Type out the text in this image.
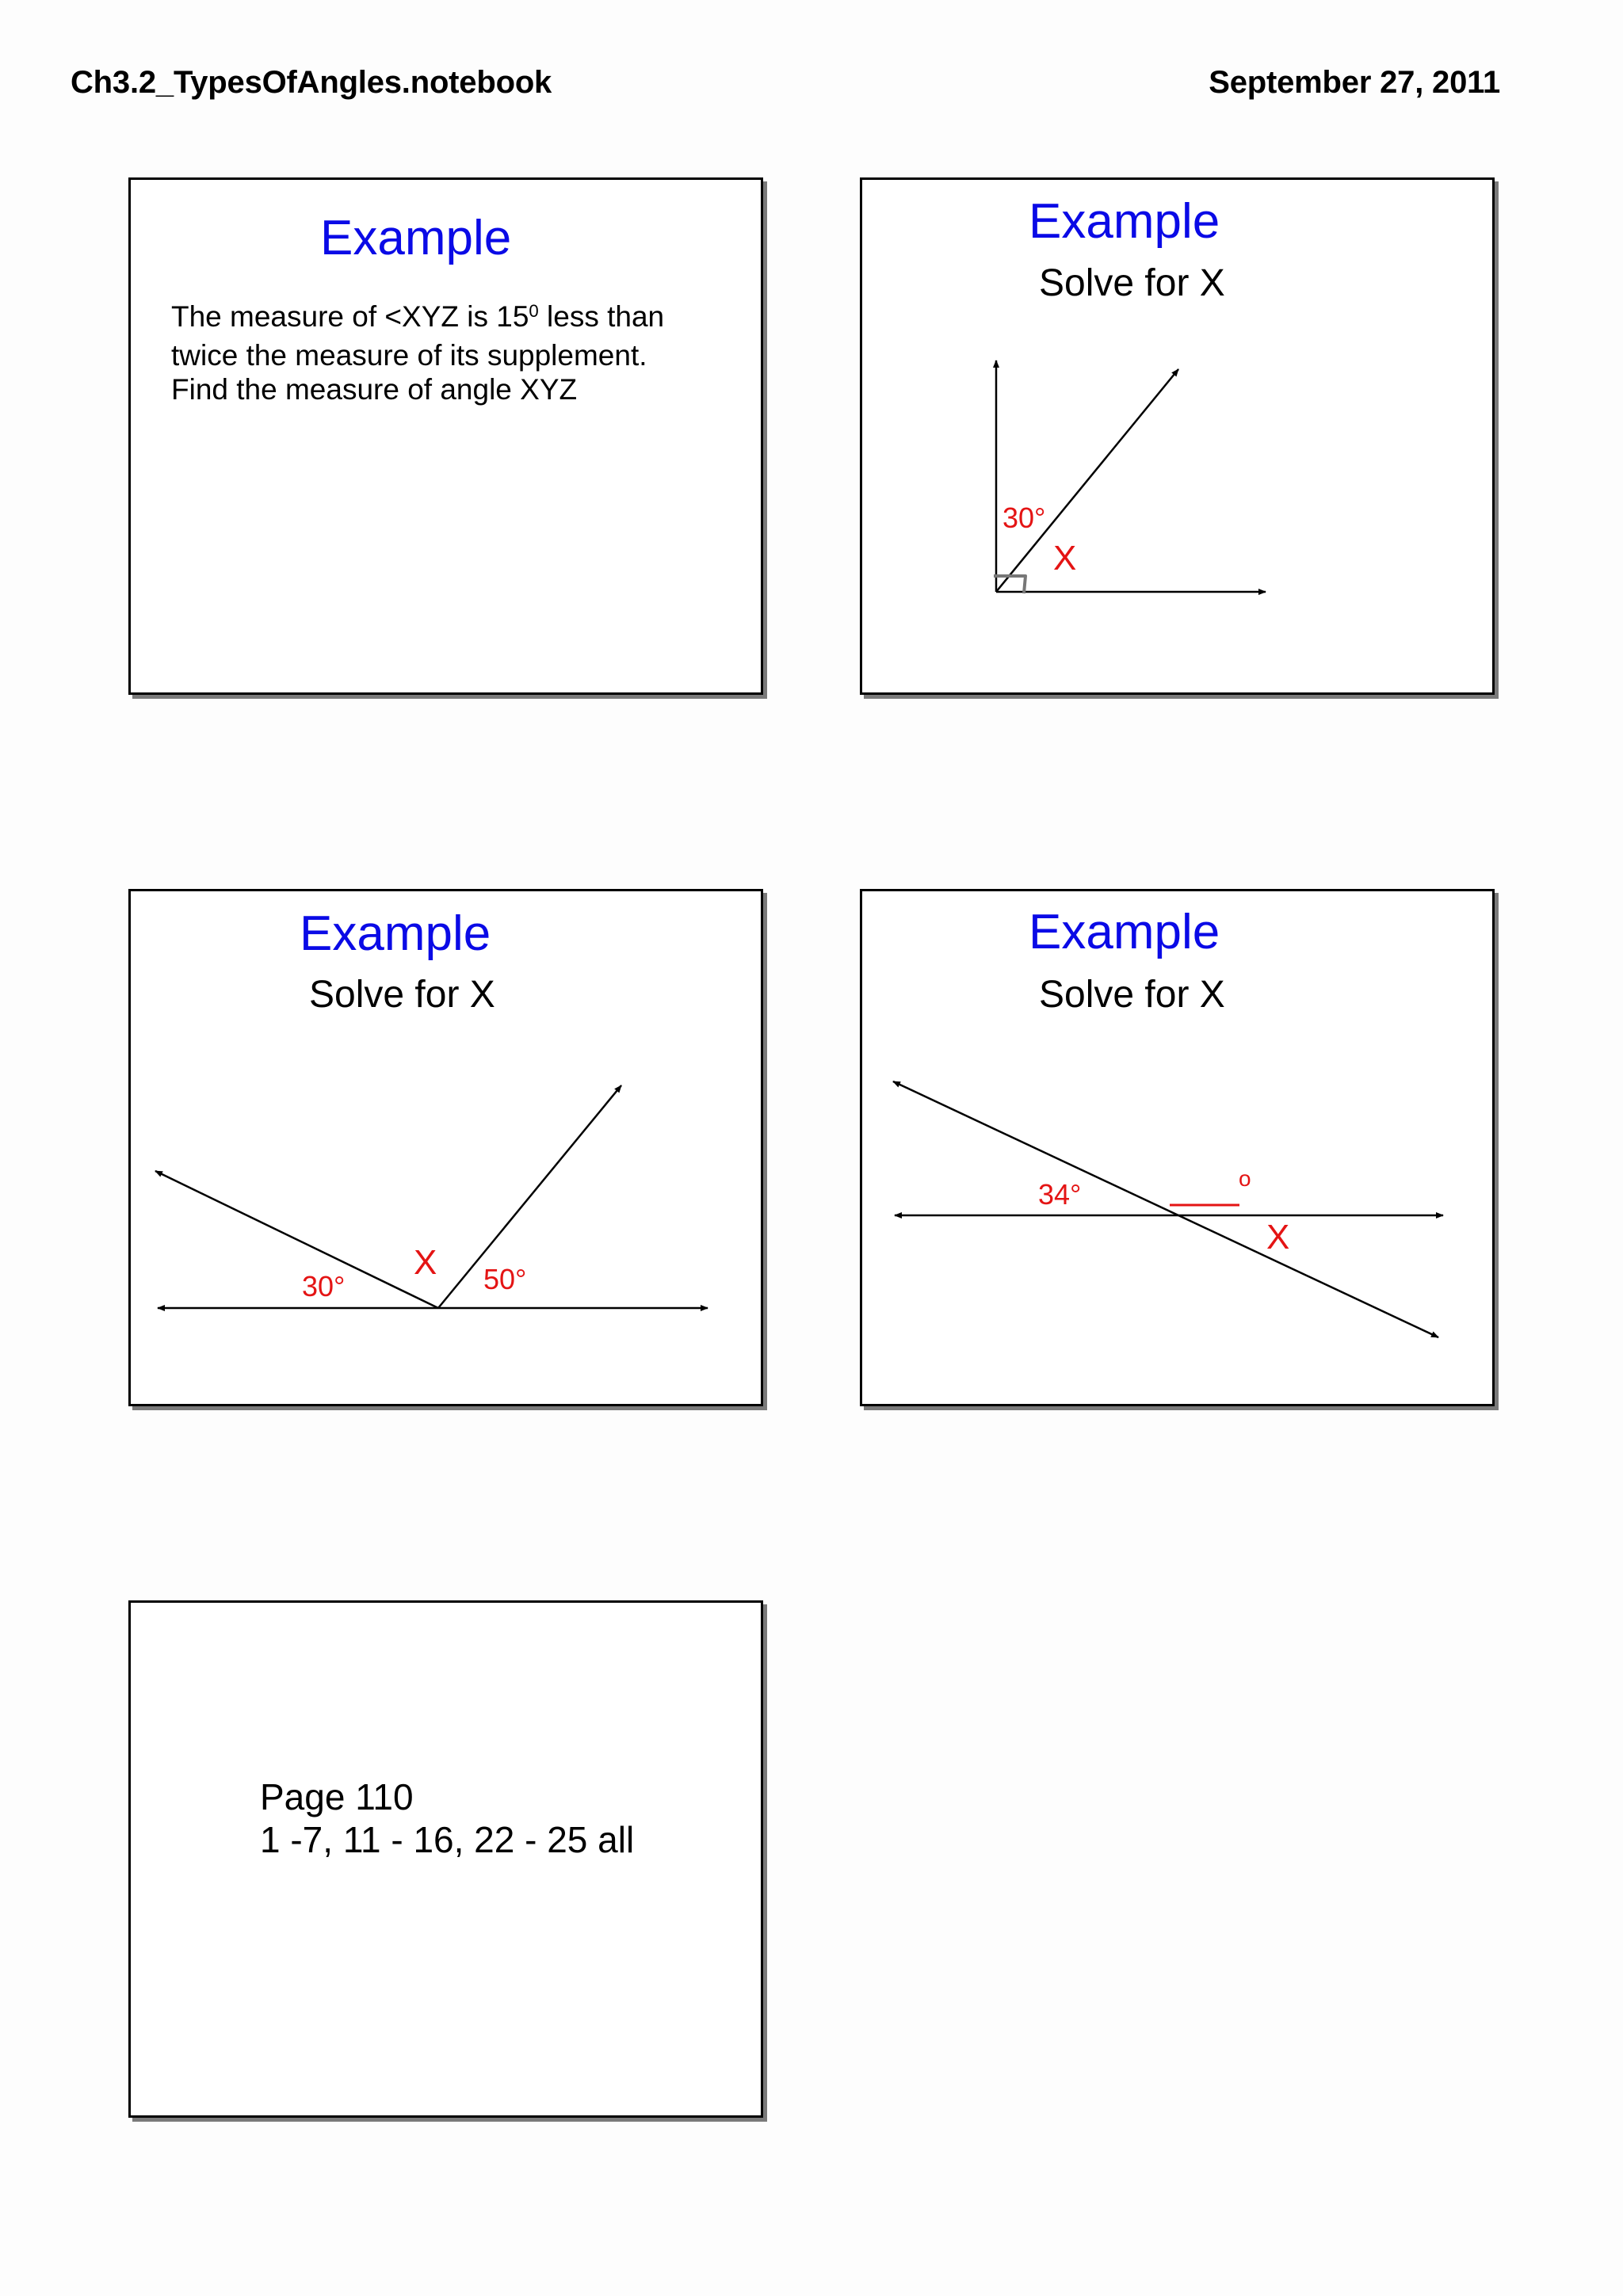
Ch3.2_TypesOfAngles.notebook	September 27, 2011
Example
The measure of <XYZ is $15^0$ less than
twice the measure of its supplement.
Find the measure of angle XYZ
Example
Solve for X
Example
Solve for X
Example
Solve for X
Page 110
1 -7, 11 - 16, 22 - 25 all
30°
X
30°
X 50°
34°	o
X
